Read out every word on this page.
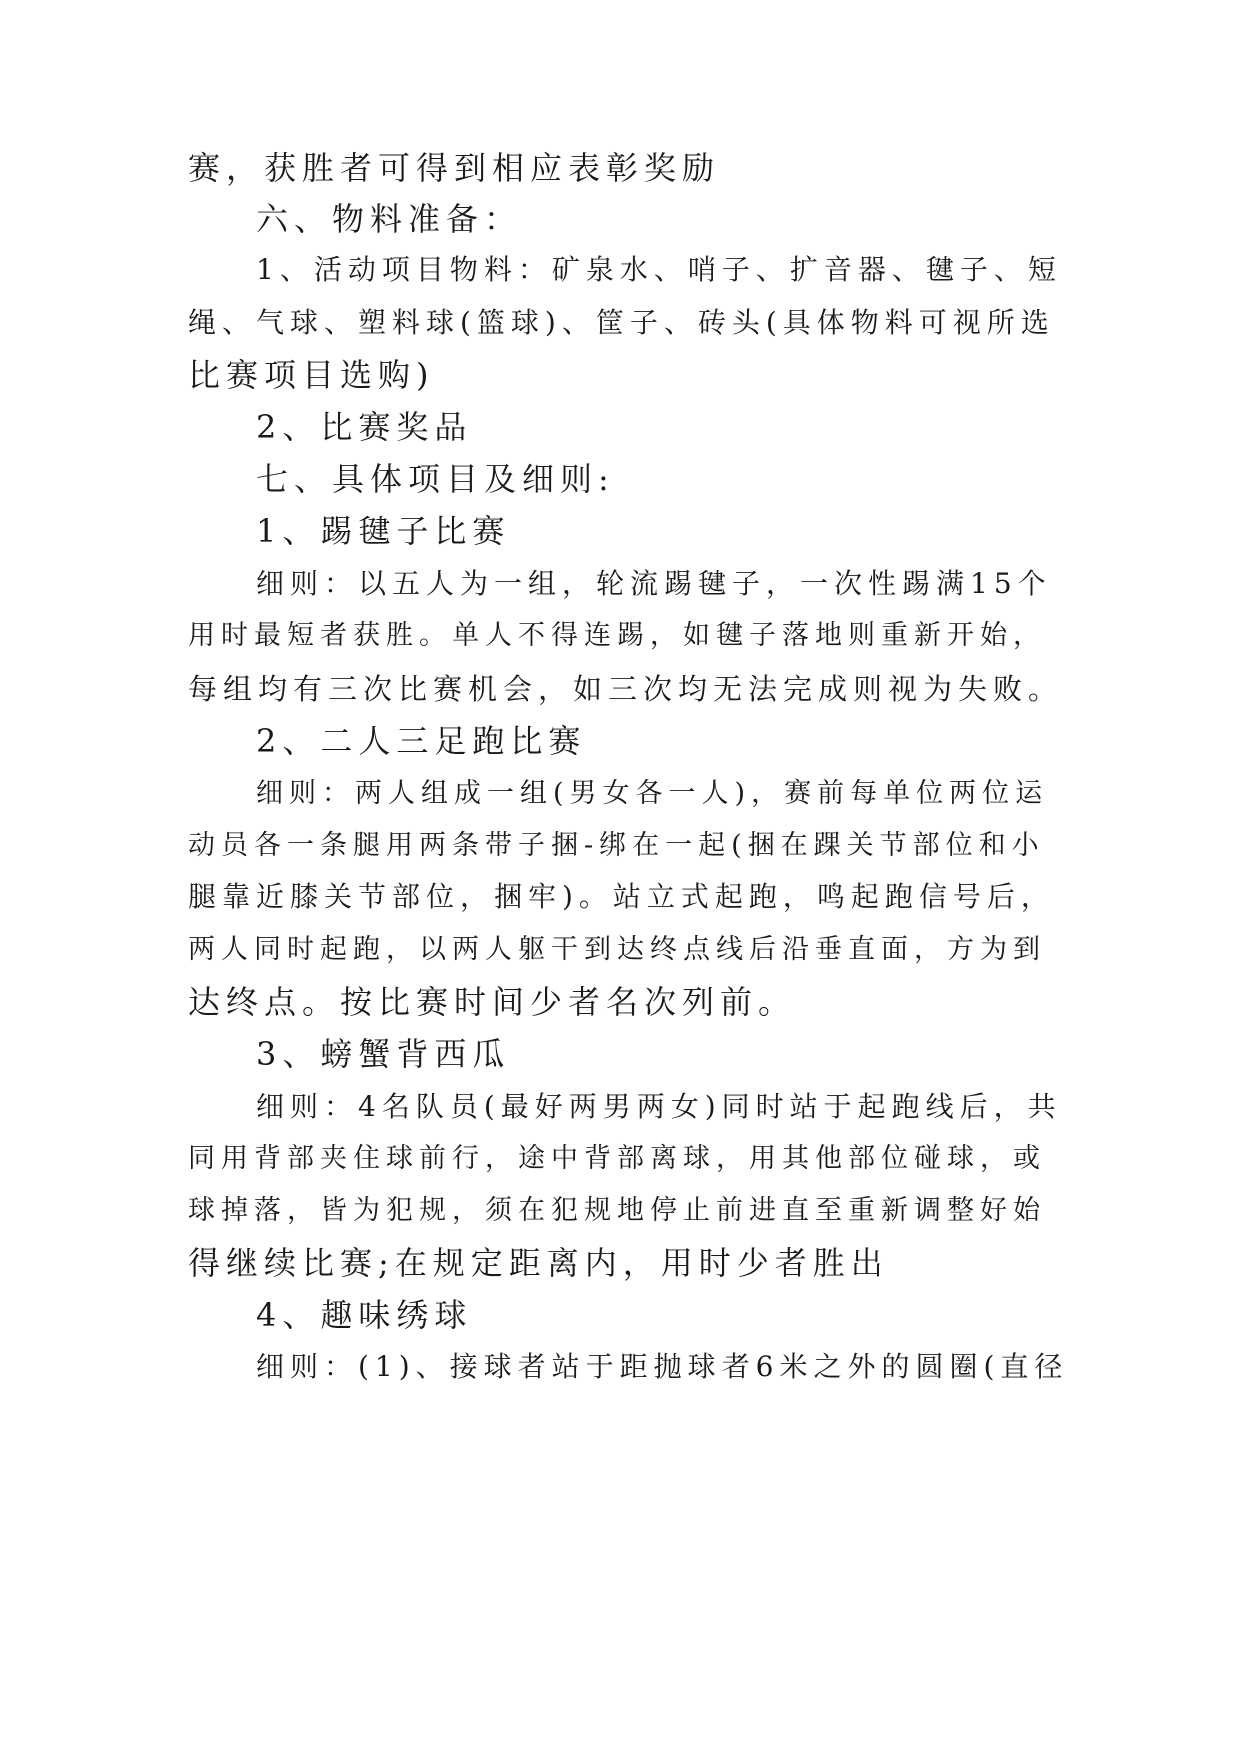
赛，获胜者可得到相应表彰奖励
六、物料准备：
1、活动项目物料：矿泉水、哨子、扩音器、毽子、短
绳、气球、塑料球(篮球)、筐子、砖头(具体物料可视所选
比赛项目选购)
2、比赛奖品
七、具体项目及细则:
1、踢毽子比赛
细则：以五人为一组，轮流踢毽子，一次性踢满15个
用时最短者获胜。单人不得连踢，如毽子落地则重新开始，
每组均有三次比赛机会，如三次均无法完成则视为失败。
2、二人三足跑比赛
细则：两人组成一组(男女各一人)，赛前每单位两位运
动员各一条腿用两条带子捆-绑在一起(捆在踝关节部位和小
腿靠近膝关节部位，捆牢)。站立式起跑，鸣起跑信号后，
两人同时起跑，以两人躯干到达终点线后沿垂直面，方为到
达终点。按比赛时间少者名次列前。
3、螃蟹背西瓜
细则：4名队员(最好两男两女)同时站于起跑线后，共
同用背部夹住球前行，途中背部离球，用其他部位碰球，或
球掉落，皆为犯规，须在犯规地停止前进直至重新调整好始
得继续比赛;在规定距离内，用时少者胜出
4、趣味绣球
细则：(1)、接球者站于距抛球者6米之外的圆圈(直径
